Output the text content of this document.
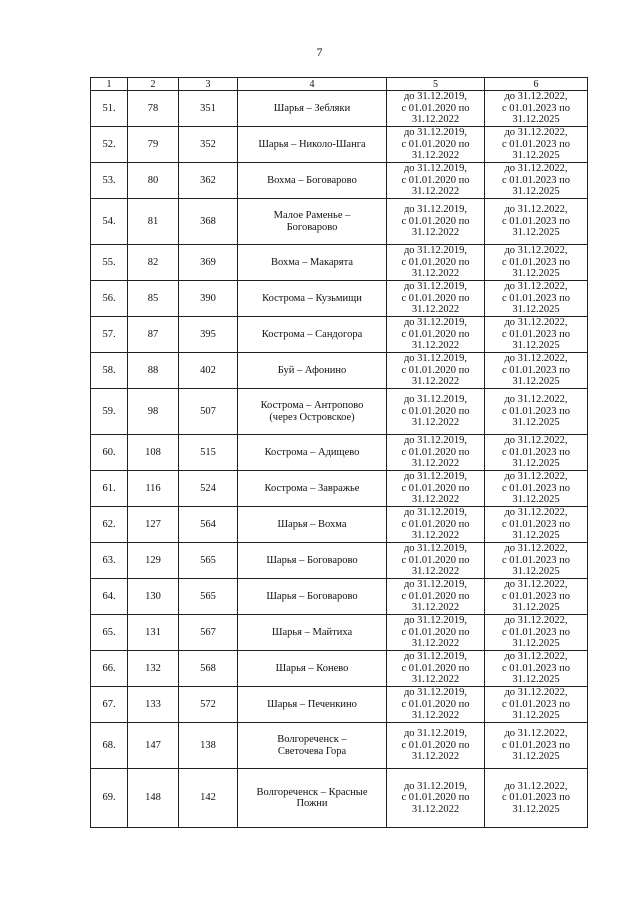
7
1	2	3	4	5	6
51.	78	351	Шарья – Зебляки	до 31.12.2019,
с 01.01.2020 по
31.12.2022	до 31.12.2022,
с 01.01.2023 по
31.12.2025
52.	79	352	Шарья – Николо-Шанга	до 31.12.2019,
с 01.01.2020 по
31.12.2022	до 31.12.2022,
с 01.01.2023 по
31.12.2025
53.	80	362	Вохма – Боговарово	до 31.12.2019,
с 01.01.2020 по
31.12.2022	до 31.12.2022,
с 01.01.2023 по
31.12.2025
54.	81	368	Малое Раменье –
Боговарово	до 31.12.2019,
с 01.01.2020 по
31.12.2022	до 31.12.2022,
с 01.01.2023 по
31.12.2025
55.	82	369	Вохма – Макарята	до 31.12.2019,
с 01.01.2020 по
31.12.2022	до 31.12.2022,
с 01.01.2023 по
31.12.2025
56.	85	390	Кострома – Кузьмищи	до 31.12.2019,
с 01.01.2020 по
31.12.2022	до 31.12.2022,
с 01.01.2023 по
31.12.2025
57.	87	395	Кострома – Сандогора	до 31.12.2019,
с 01.01.2020 по
31.12.2022	до 31.12.2022,
с 01.01.2023 по
31.12.2025
58.	88	402	Буй – Афонино	до 31.12.2019,
с 01.01.2020 по
31.12.2022	до 31.12.2022,
с 01.01.2023 по
31.12.2025
59.	98	507	Кострома – Антропово
(через Островское)	до 31.12.2019,
с 01.01.2020 по
31.12.2022	до 31.12.2022,
с 01.01.2023 по
31.12.2025
60.	108	515	Кострома – Адищево	до 31.12.2019,
с 01.01.2020 по
31.12.2022	до 31.12.2022,
с 01.01.2023 по
31.12.2025
61.	116	524	Кострома – Завражье	до 31.12.2019,
с 01.01.2020 по
31.12.2022	до 31.12.2022,
с 01.01.2023 по
31.12.2025
62.	127	564	Шарья – Вохма	до 31.12.2019,
с 01.01.2020 по
31.12.2022	до 31.12.2022,
с 01.01.2023 по
31.12.2025
63.	129	565	Шарья – Боговарово	до 31.12.2019,
с 01.01.2020 по
31.12.2022	до 31.12.2022,
с 01.01.2023 по
31.12.2025
64.	130	565	Шарья – Боговарово	до 31.12.2019,
с 01.01.2020 по
31.12.2022	до 31.12.2022,
с 01.01.2023 по
31.12.2025
65.	131	567	Шарья – Майтиха	до 31.12.2019,
с 01.01.2020 по
31.12.2022	до 31.12.2022,
с 01.01.2023 по
31.12.2025
66.	132	568	Шарья – Конево	до 31.12.2019,
с 01.01.2020 по
31.12.2022	до 31.12.2022,
с 01.01.2023 по
31.12.2025
67.	133	572	Шарья – Печенкино	до 31.12.2019,
с 01.01.2020 по
31.12.2022	до 31.12.2022,
с 01.01.2023 по
31.12.2025
68.	147	138	Волгореченск –
Светочева Гора	до 31.12.2019,
с 01.01.2020 по
31.12.2022	до 31.12.2022,
с 01.01.2023 по
31.12.2025
69.	148	142	Волгореченск – Красные
Пожни	до 31.12.2019,
с 01.01.2020 по
31.12.2022	до 31.12.2022,
с 01.01.2023 по
31.12.2025
